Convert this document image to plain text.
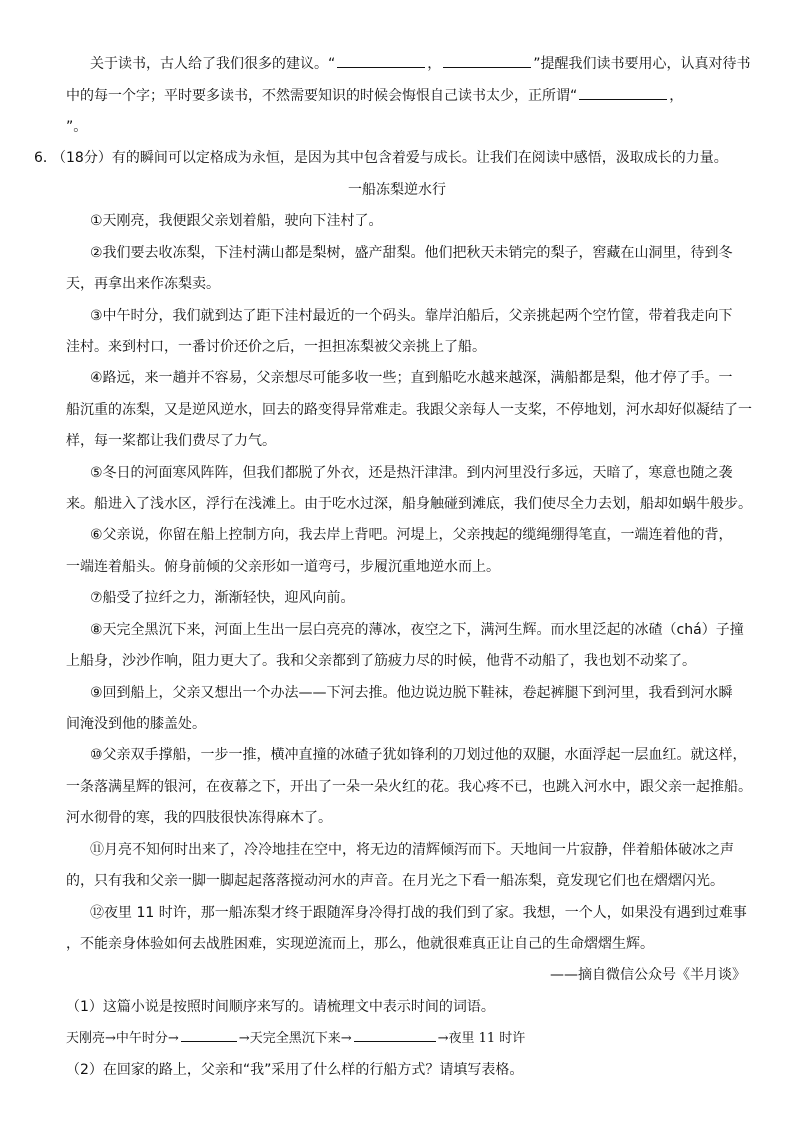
关于读书，古人给了我们很多的建议。“	，	”提醒我们读书要用心，认真对待书
中的每一个字；平时要多读书，不然需要知识的时候会悔恨自己读书太少，正所谓“	，
”。
6．
（18分）有的瞬间可以定格成为永恒，是因为其中包含着爱与成长。让我们在阅读中感悟，汲取成长的力量。
一船冻梨逆水行
①天刚亮，我便跟父亲划着船，驶向下洼村了。
②我们要去收冻梨，下洼村满山都是梨树，盛产甜梨。他们把秋天未销完的梨子，窖藏在山洞里，待到冬
天，再拿出来作冻梨卖。
③中午时分，我们就到达了距下洼村最近的一个码头。靠岸泊船后，父亲挑起两个空竹筐，带着我走向下
洼村。来到村口，一番讨价还价之后，一担担冻梨被父亲挑上了船。
④路远，来一趟并不容易，父亲想尽可能多收一些；直到船吃水越来越深，满船都是梨，他才停了手。一
船沉重的冻梨，又是逆风逆水，回去的路变得异常难走。我跟父亲每人一支桨，不停地划，河水却好似凝结了一
样，每一桨都让我们费尽了力气。
⑤冬日的河面寒风阵阵，但我们都脱了外衣，还是热汗津津。到内河里没行多远，天暗了，寒意也随之袭
来。船进入了浅水区，浮行在浅滩上。由于吃水过深，船身触碰到滩底，我们使尽全力去划，船却如蜗牛般步。
⑥父亲说，你留在船上控制方向，我去岸上背吧。河堤上，父亲拽起的缆绳绷得笔直，一端连着他的背，
一端连着船头。俯身前倾的父亲形如一道弯弓，步履沉重地逆水而上。
⑦船受了拉纤之力，渐渐轻快，迎风向前。
⑧天完全黑沉下来，河面上生出一层白亮亮的薄冰，夜空之下，满河生辉。而水里泛起的冰碴（chá）子撞
上船身，沙沙作响，阻力更大了。我和父亲都到了筋疲力尽的时候，他背不动船了，我也划不动桨了。
⑨回到船上，父亲又想出一个办法——下河去推。他边说边脱下鞋袜，卷起裤腿下到河里，我看到河水瞬
间淹没到他的膝盖处。
⑩父亲双手撑船，一步一推，横冲直撞的冰碴子犹如锋利的刀划过他的双腿，水面浮起一层血红。就这样，
一条落满星辉的银河，在夜幕之下，开出了一朵一朵火红的花。我心疼不已，也跳入河水中，跟父亲一起推船。
河水彻骨的寒，我的四肢很快冻得麻木了。
⑪月亮不知何时出来了，冷冷地挂在空中，将无边的清辉倾泻而下。天地间一片寂静，伴着船体破冰之声
的，只有我和父亲一脚一脚起起落落搅动河水的声音。在月光之下看一船冻梨，竟发现它们也在熠熠闪光。
⑫夜里 11 时许，那一船冻梨才终于跟随浑身冷得打战的我们到了家。我想，一个人，如果没有遇到过难事
，不能亲身体验如何去战胜困难，实现逆流而上，那么，他就很难真正让自己的生命熠熠生辉。
——摘自微信公众号《半月谈》
（1）这篇小说是按照时间顺序来写的。请梳理文中表示时间的词语。
天刚亮→中午时分→	→天完全黑沉下来→	→夜里 11 时许
（2）在回家的路上，父亲和“我”采用了什么样的行船方式？请填写表格。
